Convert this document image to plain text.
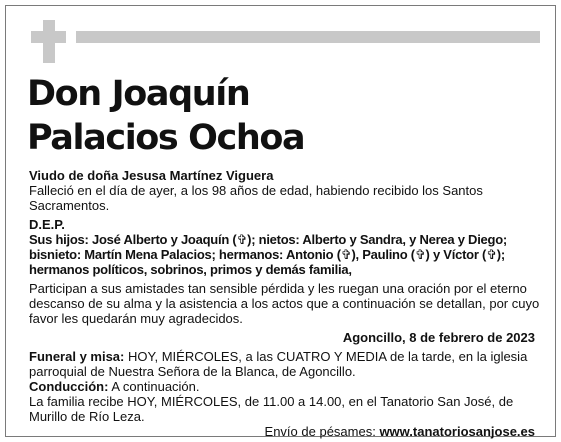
Don Joaquín
Palacios Ochoa

Viudo de doña Jesusa Martínez Viguera

Falleció en el día de ayer, a los 98 años de edad, habiendo recibido los Santos Sacramentos.

D.E.P.

Sus hijos: José Alberto y Joaquín (✞); nietos: Alberto y Sandra, y Nerea y Diego; bisnieto: Martín Mena Palacios; hermanos: Antonio (✞), Paulino (✞) y Víctor (✞); hermanos políticos, sobrinos, primos y demás familia,

Participan a sus amistades tan sensible pérdida y les ruegan una oración por el eterno descanso de su alma y la asistencia a los actos que a continuación se detallan, por cuyo favor les quedarán muy agradecidos.

Agoncillo, 8 de febrero de 2023

Funeral y misa: HOY, MIÉRCOLES, a las CUATRO Y MEDIA de la tarde, en la iglesia parroquial de Nuestra Señora de la Blanca, de Agoncillo.

Conducción: A continuación.

La familia recibe HOY, MIÉRCOLES, de 11.00 a 14.00, en el Tanatorio San José, de Murillo de Río Leza.

Envío de pésames: www.tanatoriosanjose.es
